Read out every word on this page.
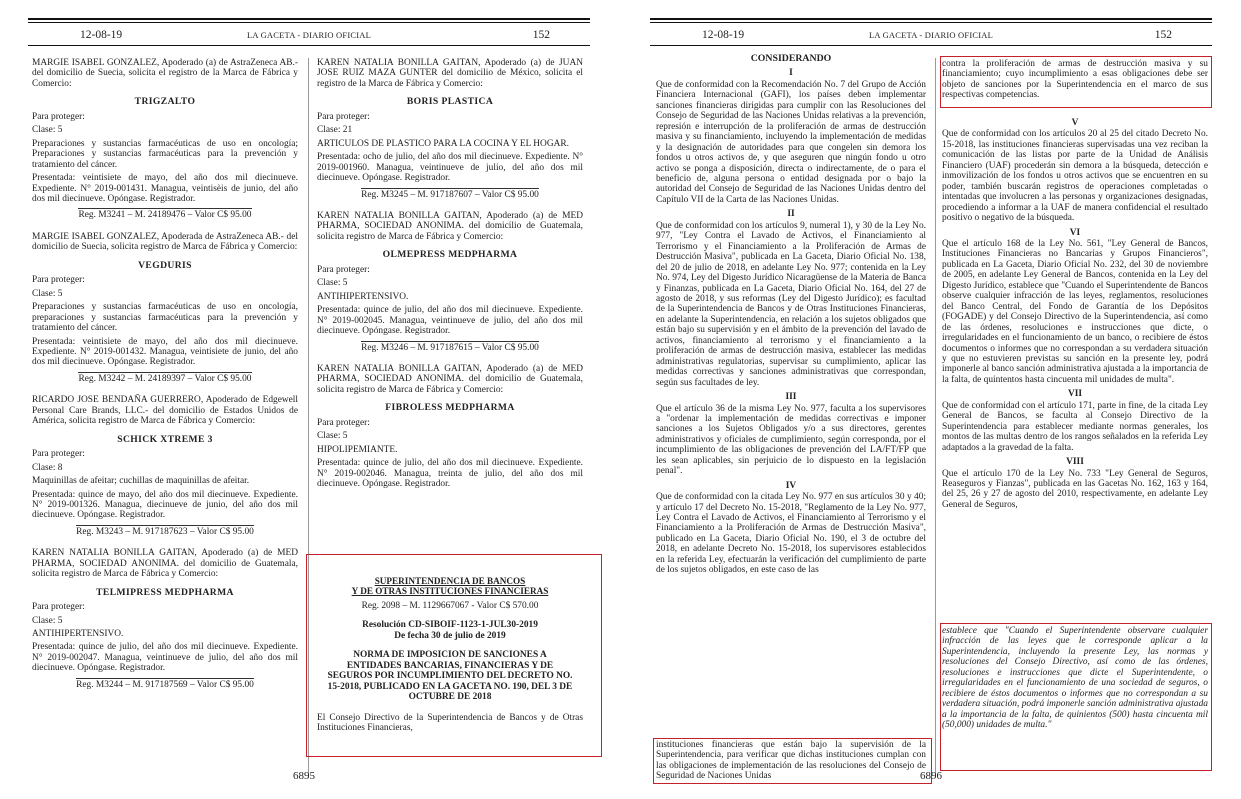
12-08-19	LA GACETA - DIARIO OFICIAL	152

MARGIE ISABEL GONZÁLEZ, Apoderado (a) de AstraZeneca AB.- del domicilio de Suecia, solicita el registro de la Marca de Fábrica y Comercio:

TRIGZALTO

Para proteger:

Clase: 5

Preparaciones y sustancias farmacéuticas de uso en oncología; Preparaciones y sustancias farmacéuticas para la prevención y tratamiento del cáncer.

Presentada: veintisiete de mayo, del año dos mil diecinueve. Expediente. N° 2019-001431. Managua, veintisèis de junio, del año dos mil diecinueve. Opóngase. Registrador.

Reg. M3241 – M. 24189476 – Valor C$ 95.00

MARGIE ISABEL GONZALEZ, Apoderada de AstraZeneca AB.- del domicilio de Suecia, solicita registro de Marca de Fábrica y Comercio:

VEGDURIS

Para proteger:

Clase: 5

Preparaciones y sustancias farmacéuticas de uso en oncología, preparaciones y sustancias farmacéuticas para la prevención y tratamiento del cáncer.

Presentada: veintisiete de mayo, del año dos mil diecinueve. Expediente. N° 2019-001432. Managua, veintisiete de junio, del año dos mil diecinueve. Opóngase. Registrador.

Reg. M3242 – M. 24189397 – Valor C$ 95.00

RICARDO JOSE BENDAÑA GUERRERO, Apoderado de Edgewell Personal Care Brands, LLC.- del domicilio de Estados Unidos de América, solicita registro de Marca de Fábrica y Comercio:

SCHICK XTREME 3

Para proteger:

Clase: 8

Maquinillas de afeitar; cuchillas de maquinillas de afeitar.

Presentada: quince de mayo, del año dos mil diecinueve. Expediente. N° 2019-001326. Managua, diecinueve de junio, del año dos mil diecinueve. Opóngase. Registrador.

Reg. M3243 – M. 917187623 – Valor C$ 95.00

KAREN NATALIA BONILLA GAITAN, Apoderado (a) de MED PHARMA, SOCIEDAD ANONIMA. del domicilio de Guatemala, solicita registro de Marca de Fábrica y Comercio:

TELMIPRESS MEDPHARMA

Para proteger:

Clase: 5

ANTIHIPERTENSIVO.

Presentada: quince de julio, del año dos mil diecinueve. Expediente. N° 2019-002047. Managua, veintinueve de julio, del año dos mil diecinueve. Opóngase. Registrador.

Reg. M3244 – M. 917187569 – Valor C$ 95.00

KAREN NATALIA BONILLA GAITAN, Apoderado (a) de JUAN JOSE RUIZ MAZA GUNTER del domicilio de México, solicita el registro de la Marca de Fábrica y Comercio:

BORIS PLASTICA

Para proteger:

Clase: 21

ARTICULOS DE PLASTICO PARA LA COCINA Y EL HOGAR.

Presentada: ocho de julio, del año dos mil diecinueve. Expediente. N° 2019-001960. Managua, veintinueve de julio, del año dos mil diecinueve. Opóngase. Registrador.

Reg. M3245 – M. 917187607 – Valor C$ 95.00

KAREN NATALIA BONILLA GAITAN, Apoderado (a) de MED PHARMA, SOCIEDAD ANONIMA. del domicilio de Guatemala, solicita registro de Marca de Fábrica y Comercio:

OLMEPRESS MEDPHARMA

Para proteger:

Clase: 5

ANTIHIPERTENSIVO.

Presentada: quince de julio, del año dos mil diecinueve. Expediente. N° 2019-002045. Managua, veintinueve de julio, del año dos mil diecinueve. Opóngase. Registrador.

Reg. M3246 – M. 917187615 – Valor C$ 95.00

KAREN NATALIA BONILLA GAITAN, Apoderado (a) de MED PHARMA, SOCIEDAD ANONIMA. del domicilio de Guatemala, solicita registro de Marca de Fábrica y Comercio:

FIBROLESS MEDPHARMA

Para proteger:

Clase: 5

HIPOLIPEMIANTE.

Presentada: quince de julio, del año dos mil diecinueve. Expediente. N° 2019-002046. Managua, treinta de julio, del año dos mil diecinueve. Opóngase. Registrador.

SUPERINTENDENCIA DE BANCOS
Y DE OTRAS INSTITUCIONES FINANCIERAS
Reg. 2098 – M. 1129667067 - Valor C$ 570.00
Resolución CD-SIBOIF-1123-1-JUL30-2019
De fecha 30 de julio de 2019
NORMA DE IMPOSICION DE SANCIONES A ENTIDADES BANCARIAS, FINANCIERAS Y DE SEGUROS POR INCUMPLIMIENTO DEL DECRETO NO. 15-2018, PUBLICADO EN LA GACETA NO. 190, DEL 3 DE OCTUBRE DE 2018

El Consejo Directivo de la Superintendencia de Bancos y de Otras Instituciones Financieras,

6895
12-08-19	LA GACETA - DIARIO OFICIAL	152
CONSIDERANDO
I

Que de conformidad con la Recomendación No. 7 del Grupo de Acción Financiera Internacional (GAFI), los países deben implementar sanciones financieras dirigidas para cumplir con las Resoluciones del Consejo de Seguridad de las Naciones Unidas relativas a la prevención, represión e interrupción de la proliferación de armas de destrucción masiva y su financiamiento, incluyendo la implementación de medidas y la designación de autoridades para que congelen sin demora los fondos u otros activos de, y que aseguren que ningún fondo u otro activo se ponga a disposición, directa o indirectamente, de o para el beneficio de, alguna persona o entidad designada por o bajo la autoridad del Consejo de Seguridad de las Naciones Unidas dentro del Capítulo VII de la Carta de las Naciones Unidas.

II

Que de conformidad con los artículos 9, numeral 1), y 30 de la Ley No. 977, "Ley Contra el Lavado de Activos, el Financiamiento al Terrorismo y el Financiamiento a la Proliferación de Armas de Destrucción Masiva", publicada en La Gaceta, Diario Oficial No. 138, del 20 de julio de 2018, en adelante Ley No. 977; contenida en la Ley No. 974, Ley del Digesto Jurídico Nicaragüense de la Materia de Banca y Finanzas, publicada en La Gaceta, Diario Oficial No. 164, del 27 de agosto de 2018, y sus reformas (Ley del Digesto Jurídico); es facultad de la Superintendencia de Bancos y de Otras Instituciones Financieras, en adelante la Superintendencia, en relación a los sujetos obligados que están bajo su supervisión y en el ámbito de la prevención del lavado de activos, financiamiento al terrorismo y el financiamiento a la proliferación de armas de destrucción masiva, establecer las medidas administrativas regulatorias, supervisar su cumplimiento, aplicar las medidas correctivas y sanciones administrativas que correspondan, según sus facultades de ley.

III

Que el artículo 36 de la misma Ley No. 977, faculta a los supervisores a "ordenar la implementación de medidas correctivas e imponer sanciones a los Sujetos Obligados y/o a sus directores, gerentes administrativos y oficiales de cumplimiento, según corresponda, por el incumplimiento de las obligaciones de prevención del LA/FT/FP que les sean aplicables, sin perjuicio de lo dispuesto en la legislación penal".

IV

Que de conformidad con la citada Ley No. 977 en sus artículos 30 y 40; y artículo 17 del Decreto No. 15-2018, "Reglamento de la Ley No. 977, Ley Contra el Lavado de Activos, el Financiamiento al Terrorismo y el Financiamiento a la Proliferación de Armas de Destrucción Masiva", publicado en La Gaceta, Diario Oficial No. 190, el 3 de octubre del 2018, en adelante Decreto No. 15-2018, los supervisores establecidos en la referida Ley, efectuarán la verificación del cumplimiento de parte de los sujetos obligados, en este caso de las

instituciones financieras que están bajo la supervisión de la Superintendencia, para verificar que dichas instituciones cumplan con las obligaciones de implementación de las resoluciones del Consejo de Seguridad de Naciones Unidas

contra la proliferación de armas de destrucción masiva y su financiamiento; cuyo incumplimiento a esas obligaciones debe ser objeto de sanciones por la Superintendencia en el marco de sus respectivas competencias.

V

Que de conformidad con los artículos 20 al 25 del citado Decreto No. 15-2018, las instituciones financieras supervisadas una vez reciban la comunicación de las listas por parte de la Unidad de Análisis Financiero (UAF) procederán sin demora a la búsqueda, detección e inmovilización de los fondos u otros activos que se encuentren en su poder, también buscarán registros de operaciones completadas o intentadas que involucren a las personas y organizaciones designadas, procediendo a informar a la UAF de manera confidencial el resultado positivo o negativo de la búsqueda.

VI

Que el artículo 168 de la Ley No. 561, "Ley General de Bancos, Instituciones Financieras no Bancarias y Grupos Financieros", publicada en La Gaceta, Diario Oficial No. 232, del 30 de noviembre de 2005, en adelante Ley General de Bancos, contenida en la Ley del Digesto Jurídico, establece que "Cuando el Superintendente de Bancos observe cualquier infracción de las leyes, reglamentos, resoluciones del Banco Central, del Fondo de Garantía de los Depósitos (FOGADE) y del Consejo Directivo de la Superintendencia, así como de las órdenes, resoluciones e instrucciones que dicte, o irregularidades en el funcionamiento de un banco, o recibiere de éstos documentos o informes que no correspondan a su verdadera situación y que no estuvieren previstas su sanción en la presente ley, podrá imponerle al banco sanción administrativa ajustada a la importancia de la falta, de quintentos hasta cincuenta mil unidades de multa".

VII

Que de conformidad con el artículo 171, parte in fine, de la citada Ley General de Bancos, se faculta al Consejo Directivo de la Superintendencia para establecer mediante normas generales, los montos de las multas dentro de los rangos señalados en la referida Ley adaptados a la gravedad de la falta.

VIII

Que el artículo 170 de la Ley No. 733 "Ley General de Seguros, Reaseguros y Fianzas", publicada en las Gacetas No. 162, 163 y 164, del 25, 26 y 27 de agosto del 2010, respectivamente, en adelante Ley General de Seguros,

establece que "Cuando el Superintendente observare cualquier infracción de las leyes que le corresponde aplicar a la Superintendencia, incluyendo la presente Ley, las normas y resoluciones del Consejo Directivo, así como de las órdenes, resoluciones e instrucciones que dicte el Superintendente, o irregularidades en el funcionamiento de una sociedad de seguros, o recibiere de éstos documentos o informes que no correspondan a su verdadera situación, podrá imponerle sanción administrativa ajustada a la importancia de la falta, de quinientos (500) hasta cincuenta mil (50,000) unidades de multa."

6896
